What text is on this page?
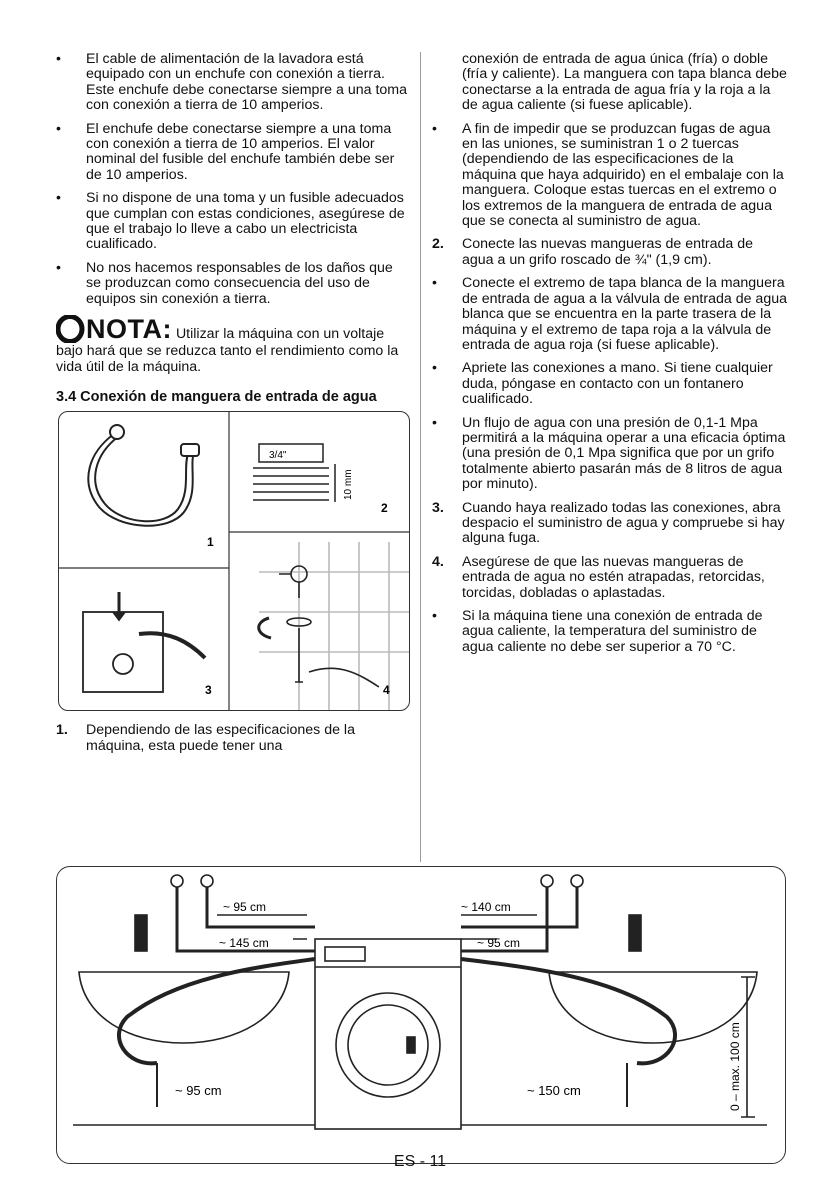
•	El cable de alimentación de la lavadora está equipado con un enchufe con conexión a tierra. Este enchufe debe conectarse siempre a una toma con conexión a tierra de 10 amperios.
•	El enchufe debe conectarse siempre a una toma con conexión a tierra de 10 amperios. El valor nominal del fusible del enchufe también debe ser de 10 amperios.
•	Si no dispone de una toma y un fusible adecuados que cumplan con estas condiciones, asegúrese de que el trabajo lo lleve a cabo un electricista cualificado.
•	No nos hacemos responsables de los daños que se produzcan como consecuencia del uso de equipos sin conexión a tierra.
NOTA: Utilizar la máquina con un voltaje bajo hará que se reduzca tanto el rendimiento como la vida útil de la máquina.
3.4 Conexión de manguera de entrada de agua
1
3/4"
10 mm
2
3	4
1.	Dependiendo de las especificaciones de la máquina, esta puede tener una
conexión de entrada de agua única (fría) o doble (fría y caliente). La manguera con tapa blanca debe conectarse a la entrada de agua fría y la roja a la de agua caliente (si fuese aplicable).
•	A fin de impedir que se produzcan fugas de agua en las uniones, se suministran 1 o 2 tuercas (dependiendo de las especificaciones de la máquina que haya adquirido) en el embalaje con la manguera. Coloque estas tuercas en el extremo o los extremos de la manguera de entrada de agua que se conecta al suministro de agua.
2.	Conecte las nuevas mangueras de entrada de agua a un grifo roscado de ¾" (1,9 cm).
•	Conecte el extremo de tapa blanca de la manguera de entrada de agua a la válvula de entrada de agua blanca que se encuentra en la parte trasera de la máquina y el extremo de tapa roja a la válvula de entrada de agua roja (si fuese aplicable).
•	Apriete las conexiones a mano. Si tiene cualquier duda, póngase en contacto con un fontanero cualificado.
•	Un flujo de agua con una presión de 0,1-1 Mpa permitirá a la máquina operar a una eficacia óptima (una presión de 0,1 Mpa significa que por un grifo totalmente abierto pasarán más de 8 litros de agua por minuto).
3.	Cuando haya realizado todas las conexiones, abra despacio el suministro de agua y compruebe si hay alguna fuga.
4.	Asegúrese de que las nuevas mangueras de entrada de agua no estén atrapadas, retorcidas, torcidas, dobladas o aplastadas.
•	Si la máquina tiene una conexión de entrada de agua caliente, la temperatura del suministro de agua caliente no debe ser superior a 70 °C.
~ 95 cm
~ 145 cm
~ 140 cm
~ 95 cm
~ 95 cm	~ 150 cm	0 – max. 100 cm
ES - 11
